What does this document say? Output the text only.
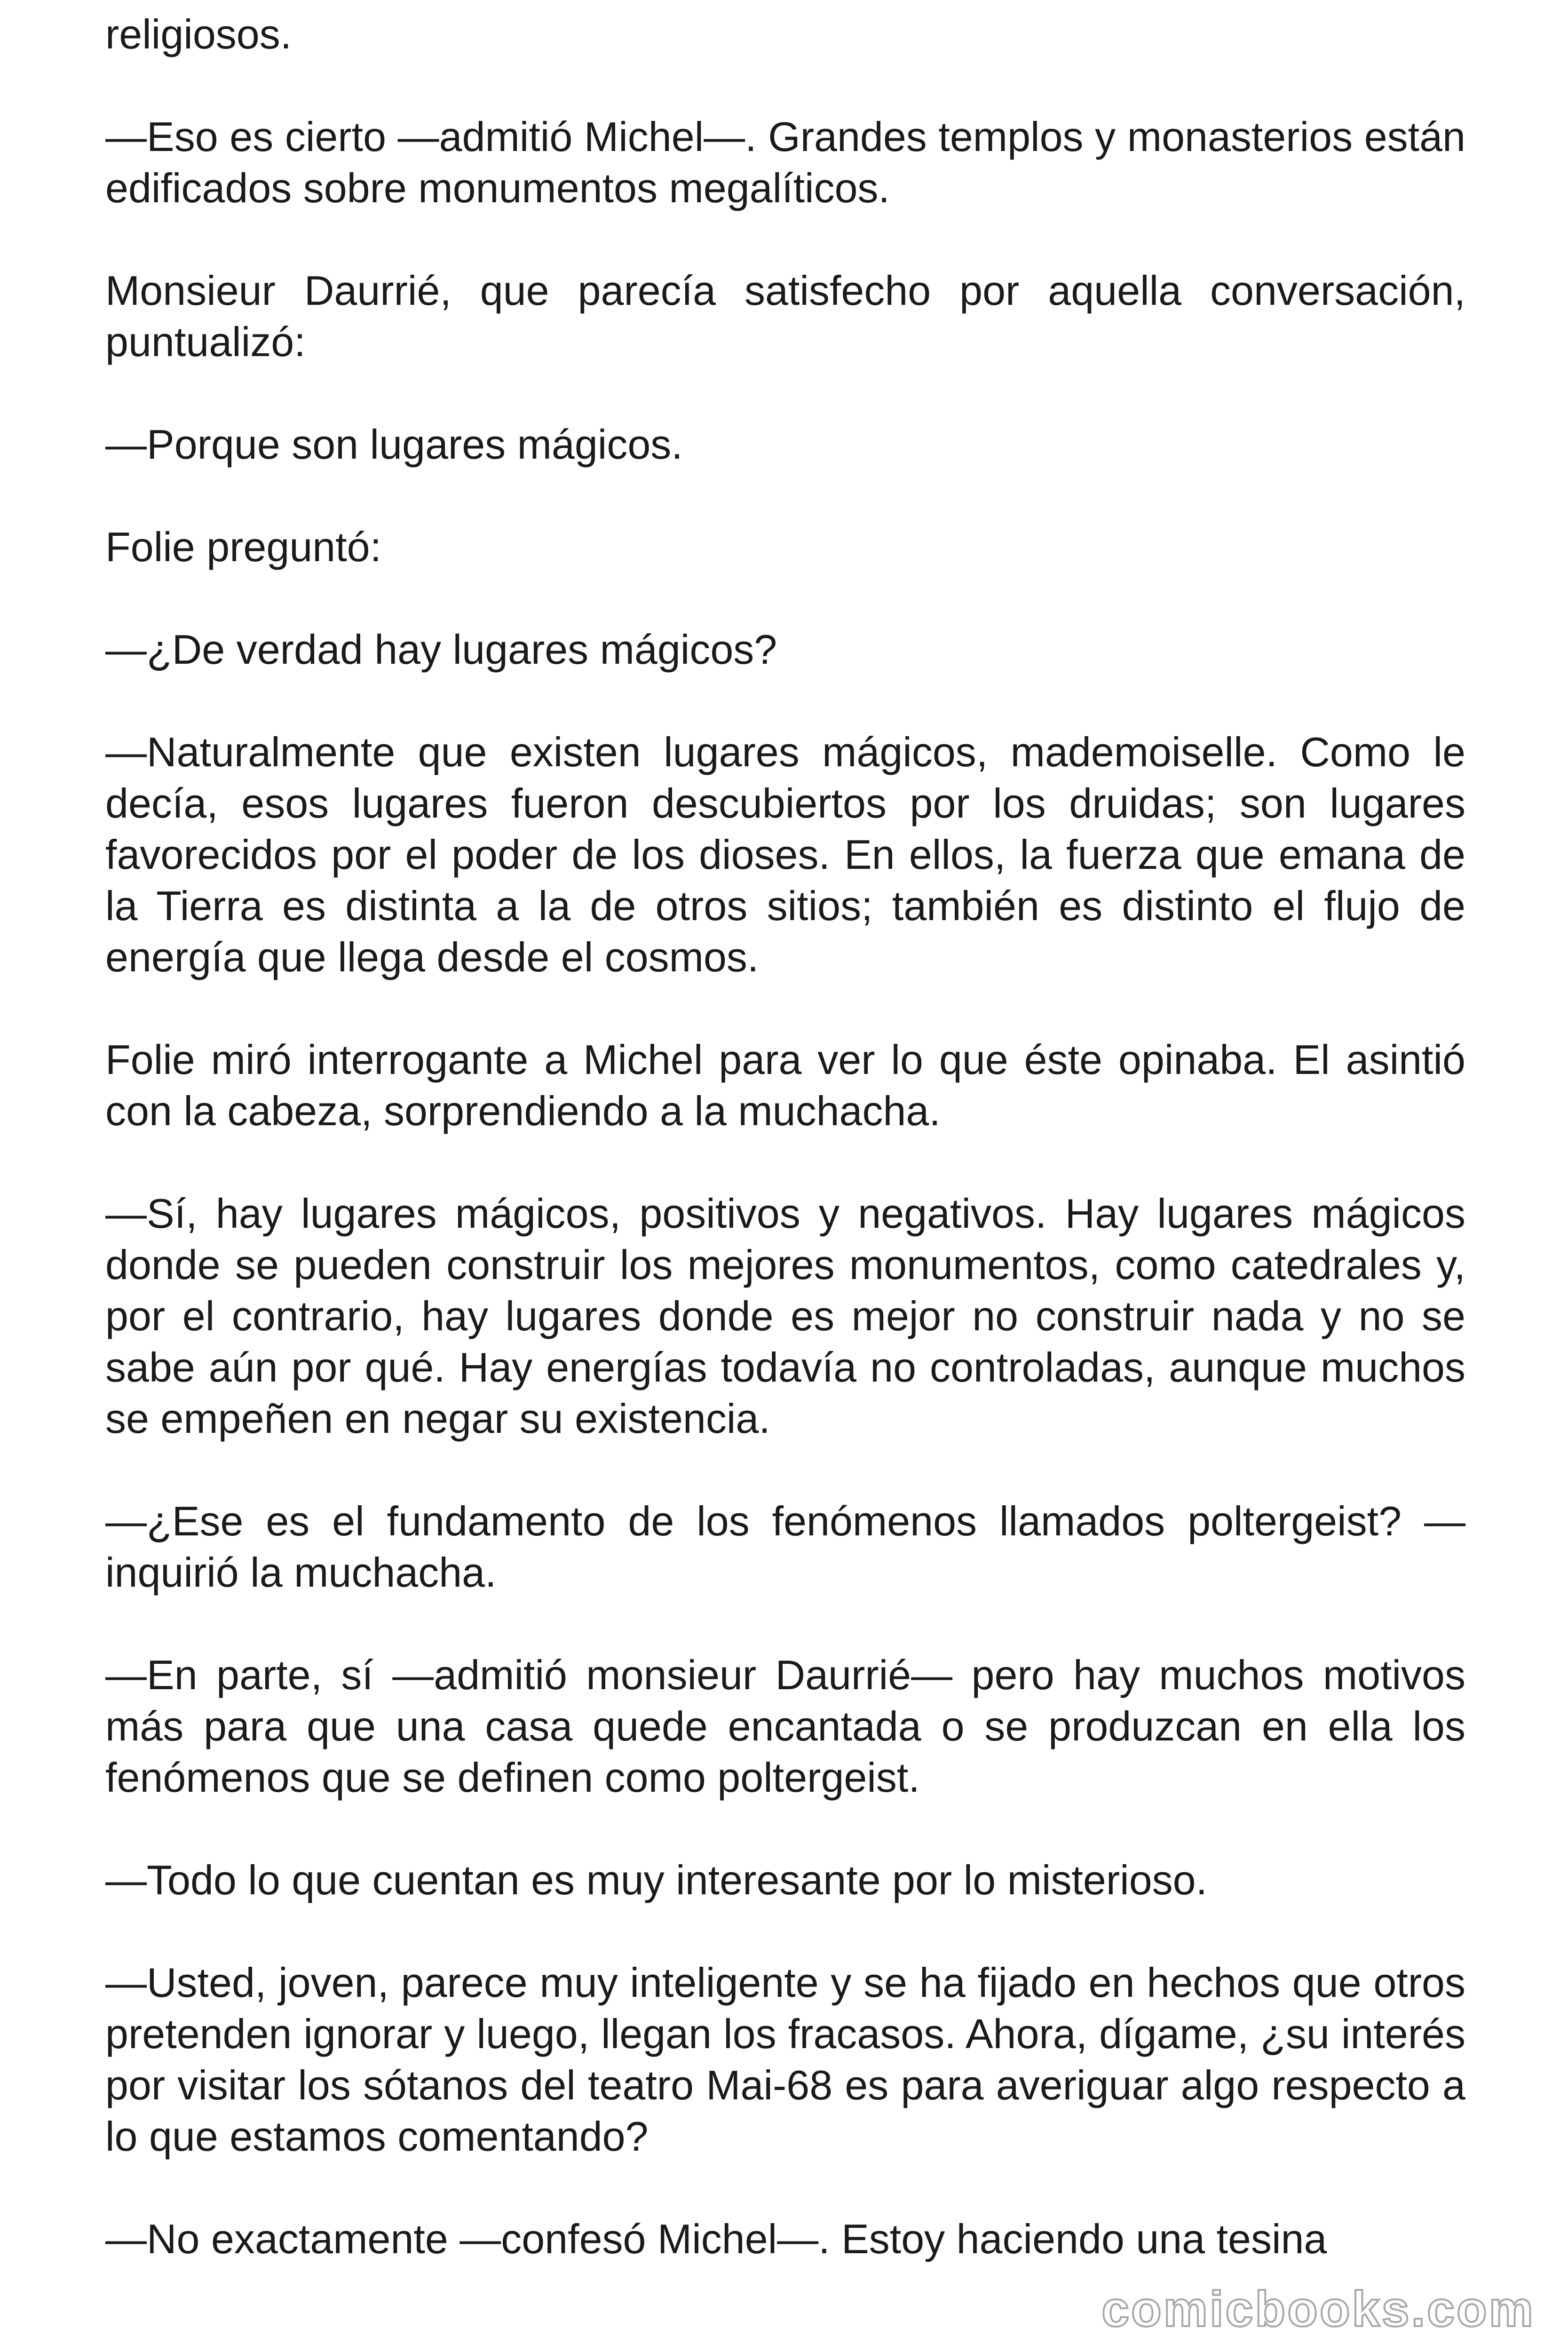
religiosos.

—Eso es cierto —admitió Michel—. Grandes templos y monasterios están edificados sobre monumentos megalíticos.

Monsieur Daurrié, que parecía satisfecho por aquella conversación, puntualizó:

—Porque son lugares mágicos.

Folie preguntó:

—¿De verdad hay lugares mágicos?

—Naturalmente que existen lugares mágicos, mademoiselle. Como le decía, esos lugares fueron descubiertos por los druidas; son lugares favorecidos por el poder de los dioses. En ellos, la fuerza que emana de la Tierra es distinta a la de otros sitios; también es distinto el flujo de energía que llega desde el cosmos.

Folie miró interrogante a Michel para ver lo que éste opinaba. El asintió con la cabeza, sorprendiendo a la muchacha.

—Sí, hay lugares mágicos, positivos y negativos. Hay lugares mágicos donde se pueden construir los mejores monumentos, como catedrales y, por el contrario, hay lugares donde es mejor no construir nada y no se sabe aún por qué. Hay energías todavía no controladas, aunque muchos se empeñen en negar su existencia.

—¿Ese es el fundamento de los fenómenos llamados poltergeist? —inquirió la muchacha.

—En parte, sí —admitió monsieur Daurrié— pero hay muchos motivos más para que una casa quede encantada o se produzcan en ella los fenómenos que se definen como poltergeist.

—Todo lo que cuentan es muy interesante por lo misterioso.

—Usted, joven, parece muy inteligente y se ha fijado en hechos que otros pretenden ignorar y luego, llegan los fracasos. Ahora, dígame, ¿su interés por visitar los sótanos del teatro Mai-68 es para averiguar algo respecto a lo que estamos comentando?

—No exactamente —confesó Michel—. Estoy haciendo una tesina

comicbooks.com
